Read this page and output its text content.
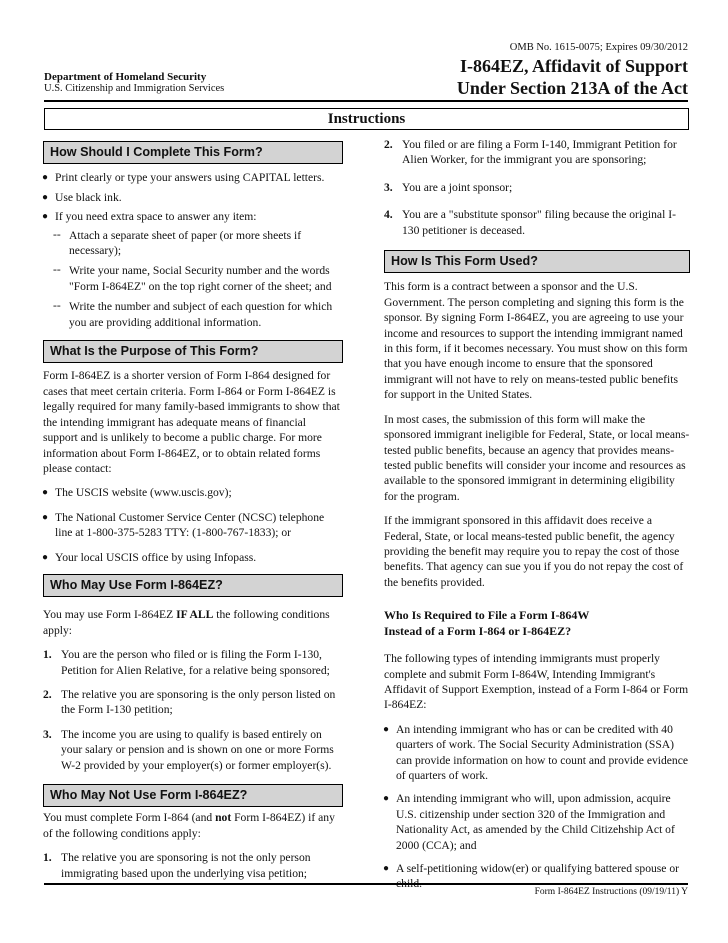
OMB No. 1615-0075; Expires 09/30/2012
I-864EZ, Affidavit of Support
Under Section 213A of the Act
Department of Homeland Security
U.S. Citizenship and Immigration Services
Instructions
How Should I Complete This Form?
● Print clearly or type your answers using CAPITAL letters.
● Use black ink.
● If you need extra space to answer any item:
-- Attach a separate sheet of paper (or more sheets if necessary);
-- Write your name, Social Security number and the words "Form I-864EZ" on the top right corner of the sheet; and
-- Write the number and subject of each question for which you are providing additional information.
What Is the Purpose of This Form?

Form I-864EZ is a shorter version of Form I-864 designed for cases that meet certain criteria. Form I-864 or Form I-864EZ is legally required for many family-based immigrants to show that the intending immigrant has adequate means of financial support and is unlikely to become a public charge. For more information about Form I-864EZ, or to obtain related forms please contact:

● The USCIS website (www.uscis.gov);
● The National Customer Service Center (NCSC) telephone line at 1-800-375-5283 TTY: (1-800-767-1833); or
● Your local USCIS office by using Infopass.
Who May Use Form I-864EZ?

You may use Form I-864EZ IF ALL the following conditions apply:

1. You are the person who filed or is filing the Form I-130, Petition for Alien Relative, for a relative being sponsored;
2. The relative you are sponsoring is the only person listed on the Form I-130 petition;
3. The income you are using to qualify is based entirely on your salary or pension and is shown on one or more Forms W-2 provided by your employer(s) or former employer(s).
Who May Not Use Form I-864EZ?

You must complete Form I-864 (and not Form I-864EZ) if any of the following conditions apply:

1. The relative you are sponsoring is not the only person immigrating based upon the underlying visa petition;
2. You filed or are filing a Form I-140, Immigrant Petition for Alien Worker, for the immigrant you are sponsoring;
3. You are a joint sponsor;
4. You are a "substitute sponsor" filing because the original I-130 petitioner is deceased.
How Is This Form Used?

This form is a contract between a sponsor and the U.S. Government. The person completing and signing this form is the sponsor. By signing Form I-864EZ, you are agreeing to use your income and resources to support the intending immigrant named in this form, if it becomes necessary. You must show on this form that you have enough income to ensure that the sponsored immigrant will not have to rely on means-tested public benefits for support in the United States.

In most cases, the submission of this form will make the sponsored immigrant ineligible for Federal, State, or local means-tested public benefits, because an agency that provides means-tested public benefits will consider your income and resources as available to the sponsored immigrant in determining eligibility for the program.

If the immigrant sponsored in this affidavit does receive a Federal, State, or local means-tested public benefit, the agency providing the benefit may require you to repay the cost of those benefits. That agency can sue you if you do not repay the cost of the benefits provided.

Who Is Required to File a Form I-864W
Instead of a Form I-864 or I-864EZ?

The following types of intending immigrants must properly complete and submit Form I-864W, Intending Immigrant's Affidavit of Support Exemption, instead of a Form I-864 or Form I-864EZ:

● An intending immigrant who has or can be credited with 40 quarters of work. The Social Security Administration (SSA) can provide information on how to count and provide evidence of quarters of work.
● An intending immigrant who will, upon admission, acquire U.S. citizenship under section 320 of the Immigration and Nationality Act, as amended by the Child Citizehship Act of 2000 (CCA); and
● A self-petitioning widow(er) or qualifying battered spouse or
Form I-864EZ Instructions (09/19/11) Y
